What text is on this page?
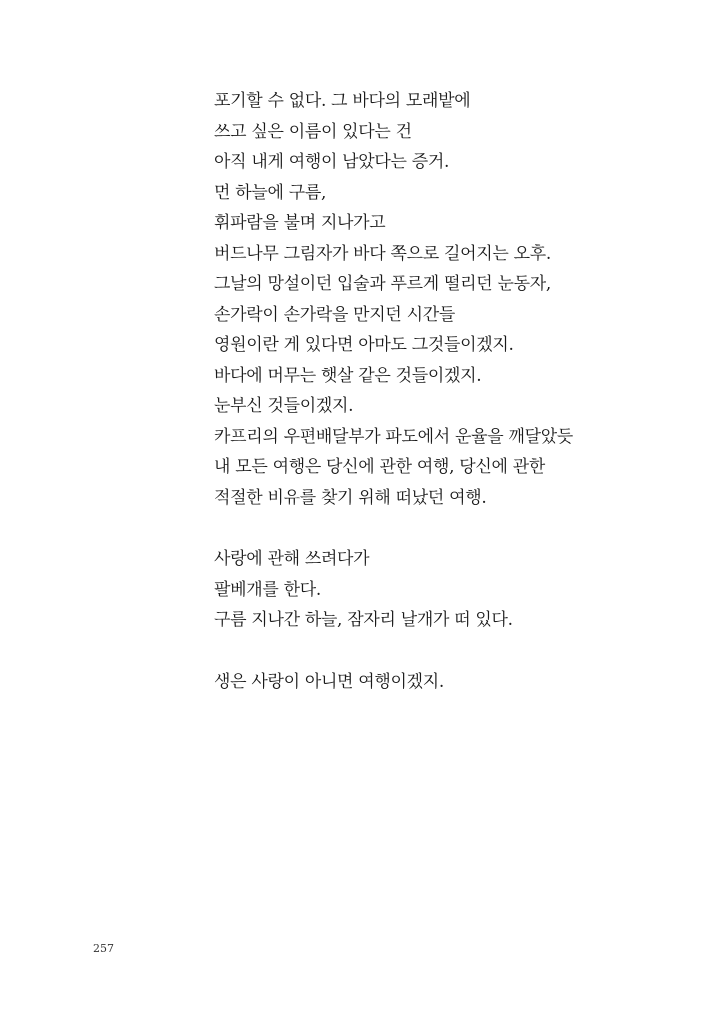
포기할 수 없다. 그 바다의 모래밭에
쓰고 싶은 이름이 있다는 건
아직 내게 여행이 남았다는 증거.
먼 하늘에 구름,
휘파람을 불며 지나가고
버드나무 그림자가 바다 쪽으로 길어지는 오후.
그날의 망설이던 입술과 푸르게 떨리던 눈동자,
손가락이 손가락을 만지던 시간들
영원이란 게 있다면 아마도 그것들이겠지.
바다에 머무는 햇살 같은 것들이겠지.
눈부신 것들이겠지.
카프리의 우편배달부가 파도에서 운율을 깨달았듯
내 모든 여행은 당신에 관한 여행, 당신에 관한
적절한 비유를 찾기 위해 떠났던 여행.
사랑에 관해 쓰려다가
팔베개를 한다.
구름 지나간 하늘, 잠자리 날개가 떠 있다.
생은 사랑이 아니면 여행이겠지.
257
